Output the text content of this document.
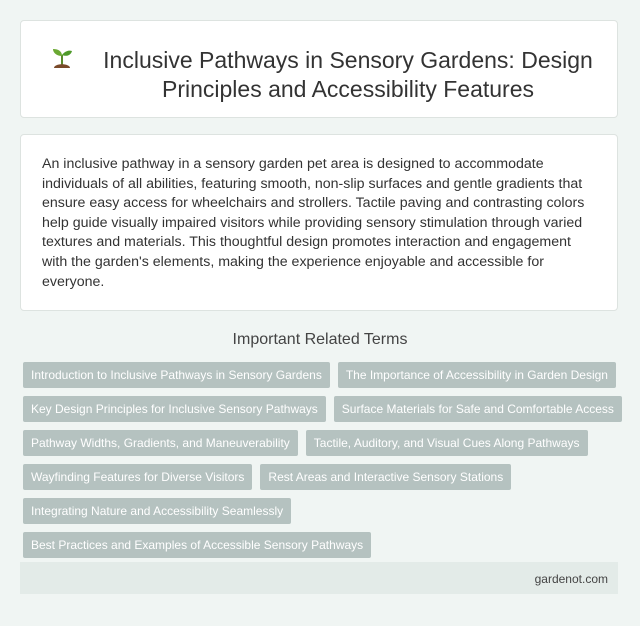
Inclusive Pathways in Sensory Gardens: Design Principles and Accessibility Features

An inclusive pathway in a sensory garden pet area is designed to accommodate individuals of all abilities, featuring smooth, non-slip surfaces and gentle gradients that ensure easy access for wheelchairs and strollers. Tactile paving and contrasting colors help guide visually impaired visitors while providing sensory stimulation through varied textures and materials. This thoughtful design promotes interaction and engagement with the garden's elements, making the experience enjoyable and accessible for everyone.

Important Related Terms
Introduction to Inclusive Pathways in Sensory Gardens	The Importance of Accessibility in Garden Design
Key Design Principles for Inclusive Sensory Pathways	Surface Materials for Safe and Comfortable Access
Pathway Widths, Gradients, and Maneuverability	Tactile, Auditory, and Visual Cues Along Pathways
Wayfinding Features for Diverse Visitors	Rest Areas and Interactive Sensory Stations
Integrating Nature and Accessibility Seamlessly
Best Practices and Examples of Accessible Sensory Pathways
gardenot.com
